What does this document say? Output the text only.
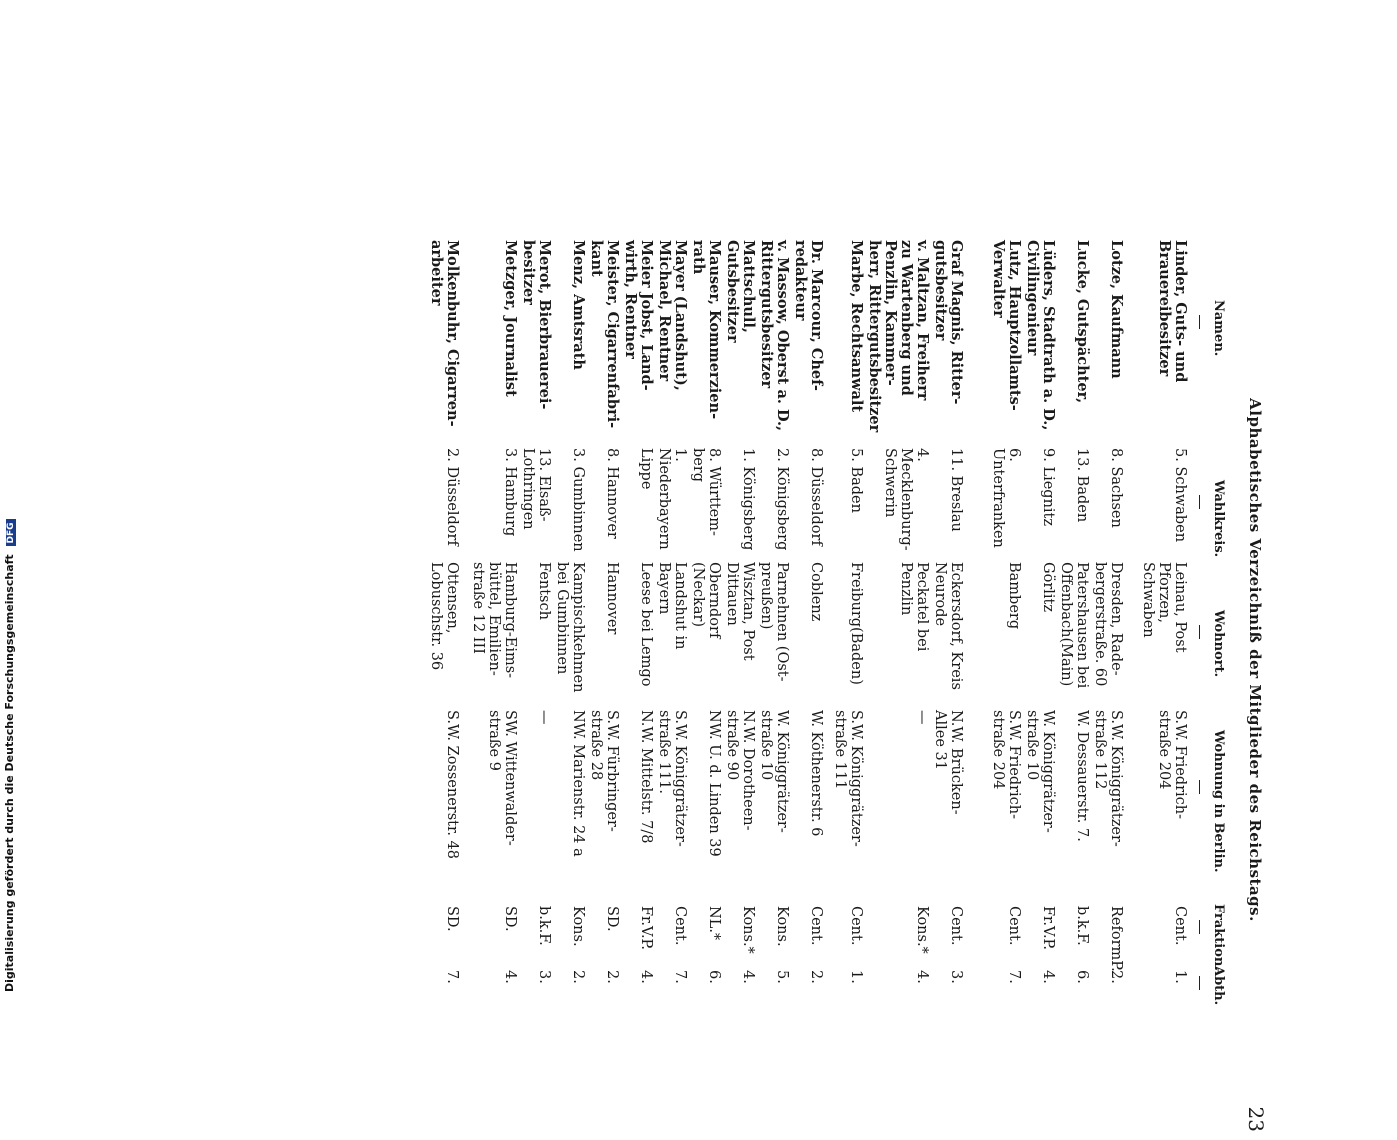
Alphabetisches Verzeichniß der Mitglieder des Reichstags.
23
Namen.
Wahlkreis.
Wohnort.
Wohnung in Berlin.
Fraktion.
Abth.
Linder, Guts- und
Brauereibesitzer
5. Schwaben
Leinau, Post
Pforzen,
Schwaben
S.W. Friedrich-
straße 204
Cent.
1.
Lotze, Kaufmann
8. Sachsen
Dresden, Rade-
bergerstraße. 60
S.W. Königgrätzer-
straße 112
ReformP.
2.
Lucke, Gutspächter,
13. Baden
Patershausen bei
Offenbach(Main)
W. Dessauerstr. 7.
b.k.F.
6.
Lüders, Stadtrath a. D.,
Civilingenieur
9. Liegnitz
Görlitz
W. Königgrätzer-
straße 10
Fr.V.P.
4.
Lutz, Hauptzollamts-
Verwalter
6. Unterfranken
Bamberg
S.W. Friedrich-
straße 204
Cent.
7.
Graf Magnis, Ritter-
gutsbesitzer
11. Breslau
Eckersdorf, Kreis
Neurode
N.W. Brücken-
Allee 31
Cent.
3.
v. Maltzan, Freiherr
zu Wartenberg und
Penzlin, Kammer-
herr, Rittergutsbesitzer
4. Mecklenburg-
Schwerin
Peckatel bei
Penzlin
—
Kons.*
4.
Marbe, Rechtsanwalt
5. Baden
Freiburg(Baden)
S.W. Königgrätzer-
straße 111
Cent.
1.
Dr. Marcour, Chef-
redakteur
8. Düsseldorf
Coblenz
W. Köthenerstr. 6
Cent.
2.
v. Massow, Oberst a. D.,
Rittergutsbesitzer
2. Königsberg
Parnehnen (Ost-
preußen)
W. Königgrätzer-
straße 10
Kons.
5.
Mattschull, Gutsbesitzer
1. Königsberg
Wisztan, Post
Dittauen
N.W. Dorotheen-
straße 90
Kons.*
4.
Mauser, Kommerzien-
rath
8. Württem-
berg
Oberndorf
(Neckar)
NW. U. d. Linden 39
NL.*
6.
Mayer (Landshut),
Michael, Rentner
1. Niederbayern
Landshut in
Bayern
S.W. Königgrätzer-
straße 111.
Cent.
7.
Meier Jobst, Land-
wirth, Rentner
Lippe
Leese bei Lemgo
N.W. Mittelstr. 7/8
Fr.V.P.
4.
Meister, Cigarrenfabri-
kant
8. Hannover
Hannover
S.W. Fürbringer-
straße 28
SD.
2.
Menz, Amtsrath
3. Gumbinnen
Kampischkehmen
bei Gumbinnen
NW. Marienstr. 24 a
Kons.
2.
Merot, Bierbrauerei-
besitzer
13. Elsaß-
Lothringen
Fentsch
—
b.k.F.
3.
Metzger, Journalist
3. Hamburg
Hamburg-Eims-
büttel, Emilien-
straße 12 III
SW. Wittenwalder-
straße 9
SD.
4.
Molkenbuhr, Cigarren-
arbeiter
2. Düsseldorf
Ottensen,
Lobuschstr. 36
S.W. Zossenerstr. 48
SD.
7.
Digitalisierung gefördert durch die Deutsche Forschungsgemeinschaft DFG
